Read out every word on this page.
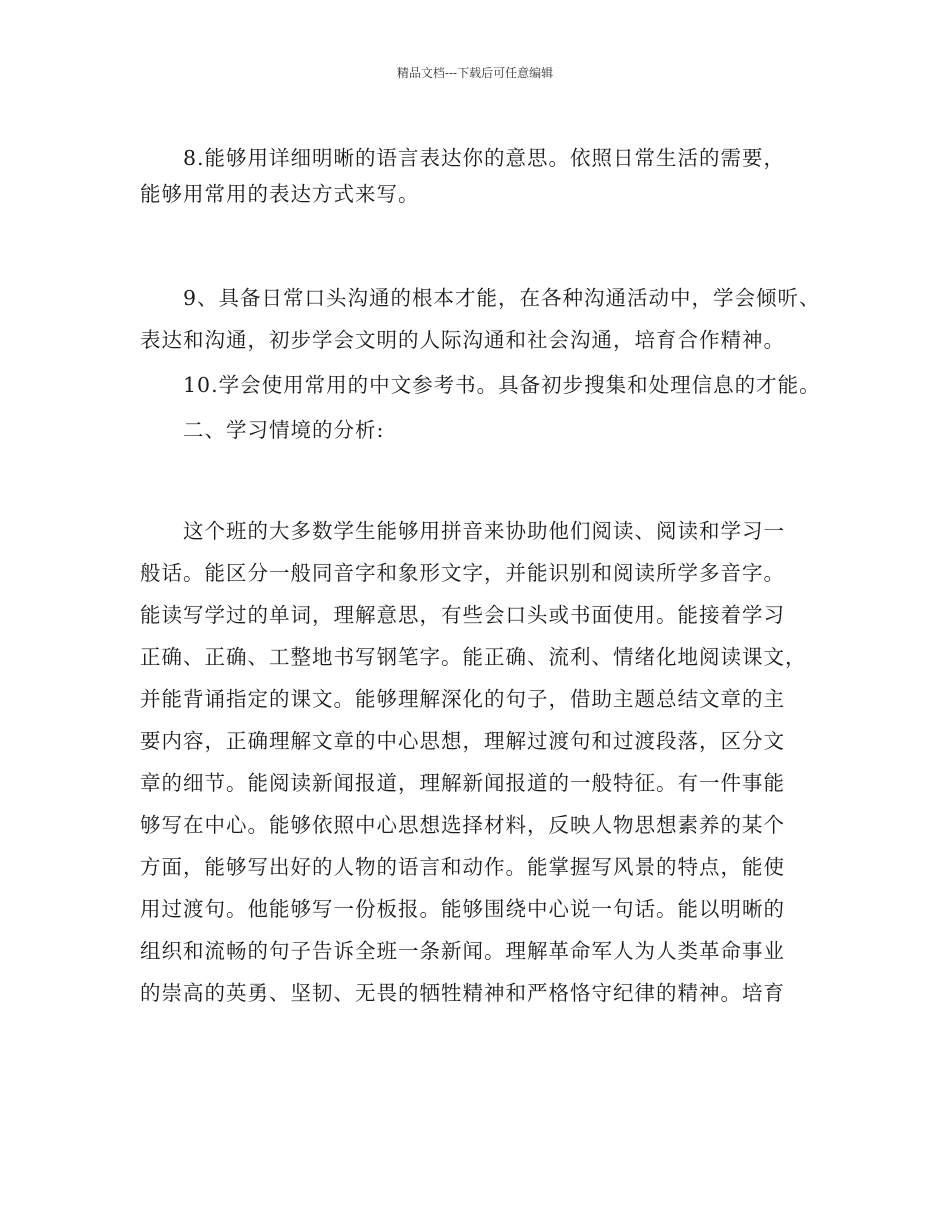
精品文档---下载后可任意编辑
8.能够用详细明晰的语言表达你的意思。依照日常生活的需要，
能够用常用的表达方式来写。
9、具备日常口头沟通的根本才能，在各种沟通活动中，学会倾听、
表达和沟通，初步学会文明的人际沟通和社会沟通，培育合作精神。
10.学会使用常用的中文参考书。具备初步搜集和处理信息的才能。
二、学习情境的分析:
这个班的大多数学生能够用拼音来协助他们阅读、阅读和学习一
般话。能区分一般同音字和象形文字，并能识别和阅读所学多音字。
能读写学过的单词，理解意思，有些会口头或书面使用。能接着学习
正确、正确、工整地书写钢笔字。能正确、流利、情绪化地阅读课文，
并能背诵指定的课文。能够理解深化的句子，借助主题总结文章的主
要内容，正确理解文章的中心思想，理解过渡句和过渡段落，区分文
章的细节。能阅读新闻报道，理解新闻报道的一般特征。有一件事能
够写在中心。能够依照中心思想选择材料，反映人物思想素养的某个
方面，能够写出好的人物的语言和动作。能掌握写风景的特点，能使
用过渡句。他能够写一份板报。能够围绕中心说一句话。能以明晰的
组织和流畅的句子告诉全班一条新闻。理解革命军人为人类革命事业
的崇高的英勇、坚韧、无畏的牺牲精神和严格恪守纪律的精神。培育
